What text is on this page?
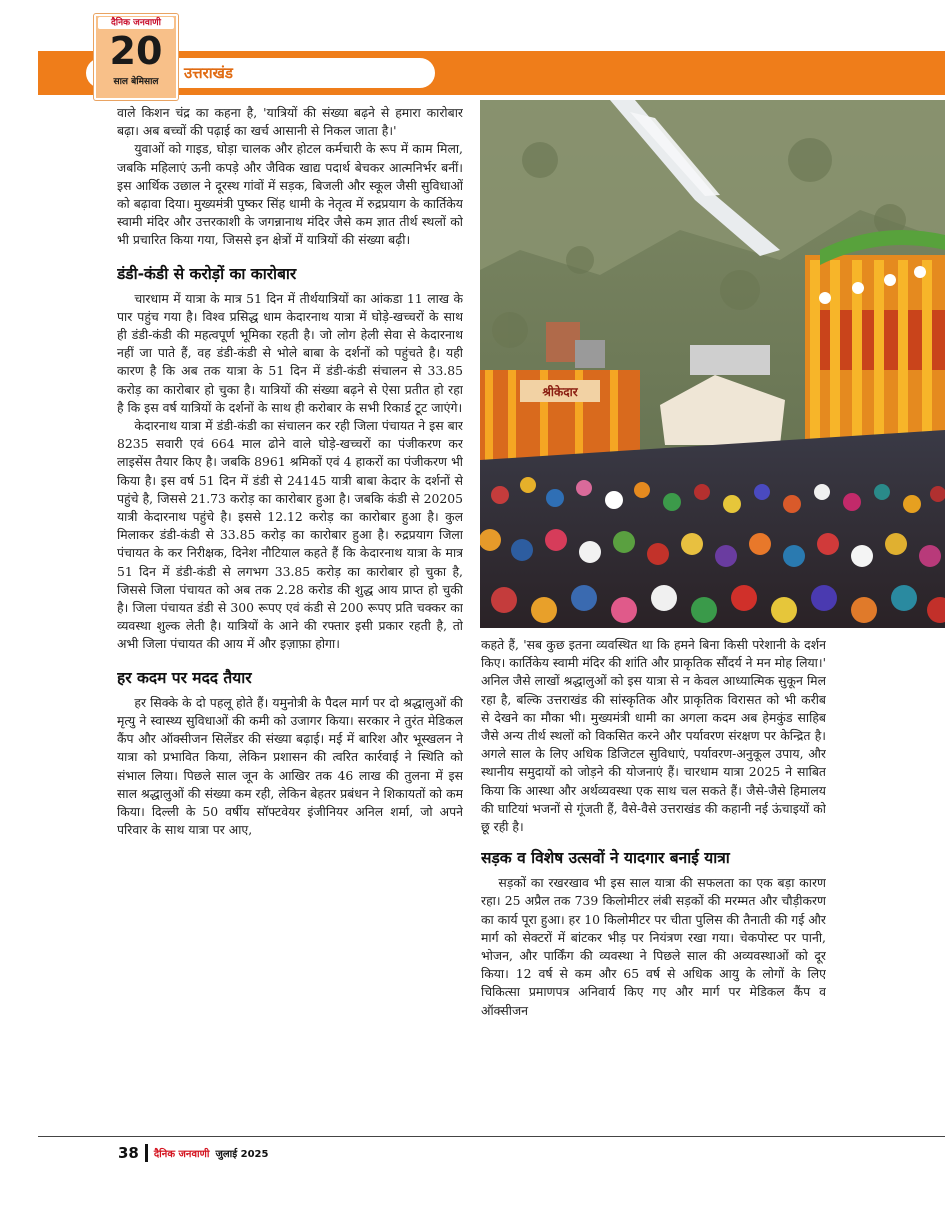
उत्तराखंड
दैनिक जनवाणी
20
साल बेमिसाल

वाले किशन चंद्र का कहना है, 'यात्रियों की संख्या बढ़ने से हमारा कारोबार बढ़ा। अब बच्चों की पढ़ाई का खर्च आसानी से निकल जाता है।'

युवाओं को गाइड, घोड़ा चालक और होटल कर्मचारी के रूप में काम मिला, जबकि महिलाएं ऊनी कपड़े और जैविक खाद्य पदार्थ बेचकर आत्मनिर्भर बनीं। इस आर्थिक उछाल ने दूरस्थ गांवों में सड़क, बिजली और स्कूल जैसी सुविधाओं को बढ़ावा दिया। मुख्यमंत्री पुष्कर सिंह धामी के नेतृत्व में रुद्रप्रयाग के कार्तिकेय स्वामी मंदिर और उत्तरकाशी के जगन्नानाथ मंदिर जैसे कम ज्ञात तीर्थ स्थलों को भी प्रचारित किया गया, जिससे इन क्षेत्रों में यात्रियों की संख्या बढ़ी।

डंडी-कंडी से करोड़ों का कारोबार

चारधाम में यात्रा के मात्र 51 दिन में तीर्थयात्रियों का आंकडा 11 लाख के पार पहुंच गया है। विश्व प्रसिद्ध धाम केदारनाथ यात्रा में घोड़े-खच्चरों के साथ ही डंडी-कंडी की महत्वपूर्ण भूमिका रहती है। जो लोग हेली सेवा से केदारनाथ नहीं जा पाते हैं, वह डंडी-कंडी से भोले बाबा के दर्शनों को पहुंचते है। यही कारण है कि अब तक यात्रा के 51 दिन में डंडी-कंडी संचालन से 33.85 करोड़ का कारोबार हो चुका है। यात्रियों की संख्या बढ़ने से ऐसा प्रतीत हो रहा है कि इस वर्ष यात्रियों के दर्शनों के साथ ही करोबार के सभी रिकार्ड टूट जाएंगे।

केदारनाथ यात्रा में डंडी-कंडी का संचालन कर रही जिला पंचायत ने इस बार 8235 सवारी एवं 664 माल ढोने वाले घोड़े-खच्चरों का पंजीकरण कर लाइसेंस तैयार किए है। जबकि 8961 श्रमिकों एवं 4 हाकरों का पंजीकरण भी किया है। इस वर्ष 51 दिन में डंडी से 24145 यात्री बाबा केदार के दर्शनों से पहुंचे है, जिससे 21.73 करोड़ का कारोबार हुआ है। जबकि कंडी से 20205 यात्री केदारनाथ पहुंचे है। इससे 12.12 करोड़ का कारोबार हुआ है। कुल मिलाकर डंडी-कंडी से 33.85 करोड़ का कारोबार हुआ है। रुद्रप्रयाग जिला पंचायत के कर निरीक्षक, दिनेश नौटियाल कहते हैं कि केदारनाथ यात्रा के मात्र 51 दिन में डंडी-कंडी से लगभग 33.85 करोड़ का कारोबार हो चुका है, जिससे जिला पंचायत को अब तक 2.28 करोड की शुद्ध आय प्राप्त हो चुकी है। जिला पंचायत डंडी से 300 रूपए एवं कंडी से 200 रूपए प्रति चक्कर का व्यवस्था शुल्क लेती है। यात्रियों के आने की रफ्तार इसी प्रकार रहती है, तो अभी जिला पंचायत की आय में और इज़ाफ़ा होगा।

हर कदम पर मदद तैयार

हर सिक्के के दो पहलू होते हैं। यमुनोत्री के पैदल मार्ग पर दो श्रद्धालुओं की मृत्यु ने स्वास्थ्य सुविधाओं की कमी को उजागर किया। सरकार ने तुरंत मेडिकल कैंप और ऑक्सीजन सिलेंडर की संख्या बढ़ाई। मई में बारिश और भूस्खलन ने यात्रा को प्रभावित किया, लेकिन प्रशासन की त्वरित कार्रवाई ने स्थिति को संभाल लिया। पिछले साल जून के आखिर तक 46 लाख की तुलना में इस साल श्रद्धालुओं की संख्या कम रही, लेकिन बेहतर प्रबंधन ने शिकायतों को कम किया। दिल्ली के 50 वर्षीय सॉफ्टवेयर इंजीनियर अनिल शर्मा, जो अपने परिवार के साथ यात्रा पर आए,

श्रीकेदार

कहते हैं, 'सब कुछ इतना व्यवस्थित था कि हमने बिना किसी परेशानी के दर्शन किए। कार्तिकेय स्वामी मंदिर की शांति और प्राकृतिक सौंदर्य ने मन मोह लिया।' अनिल जैसे लाखों श्रद्धालुओं को इस यात्रा से न केवल आध्यात्मिक सुकून मिल रहा है, बल्कि उत्तराखंड की सांस्कृतिक और प्राकृतिक विरासत को भी करीब से देखने का मौका भी। मुख्यमंत्री धामी का अगला कदम अब हेमकुंड साहिब जैसे अन्य तीर्थ स्थलों को विकसित करने और पर्यावरण संरक्षण पर केन्द्रित है। अगले साल के लिए अधिक डिजिटल सुविधाएं, पर्यावरण-अनुकूल उपाय, और स्थानीय समुदायों को जोड़ने की योजनाएं हैं। चारधाम यात्रा 2025 ने साबित किया कि आस्था और अर्थव्यवस्था एक साथ चल सकते हैं। जैसे-जैसे हिमालय की घाटियां भजनों से गूंजती हैं, वैसे-वैसे उत्तराखंड की कहानी नई ऊंचाइयों को छू रही है।

सड़क व विशेष उत्सवों ने यादगार बनाई यात्रा

सड़कों का रखरखाव भी इस साल यात्रा की सफलता का एक बड़ा कारण रहा। 25 अप्रैल तक 739 किलोमीटर लंबी सड़कों की मरम्मत और चौड़ीकरण का कार्य पूरा हुआ। हर 10 किलोमीटर पर चीता पुलिस की तैनाती की गई और मार्ग को सेक्टरों में बांटकर भीड़ पर नियंत्रण रखा गया। चेकपोस्ट पर पानी, भोजन, और पार्किंग की व्यवस्था ने पिछले साल की अव्यवस्थाओं को दूर किया। 12 वर्ष से कम और 65 वर्ष से अधिक आयु के लोगों के लिए चिकित्सा प्रमाणपत्र अनिवार्य किए गए और मार्ग पर मेडिकल कैंप व ऑक्सीजन

38 दैनिक जनवाणी जुलाई 2025
